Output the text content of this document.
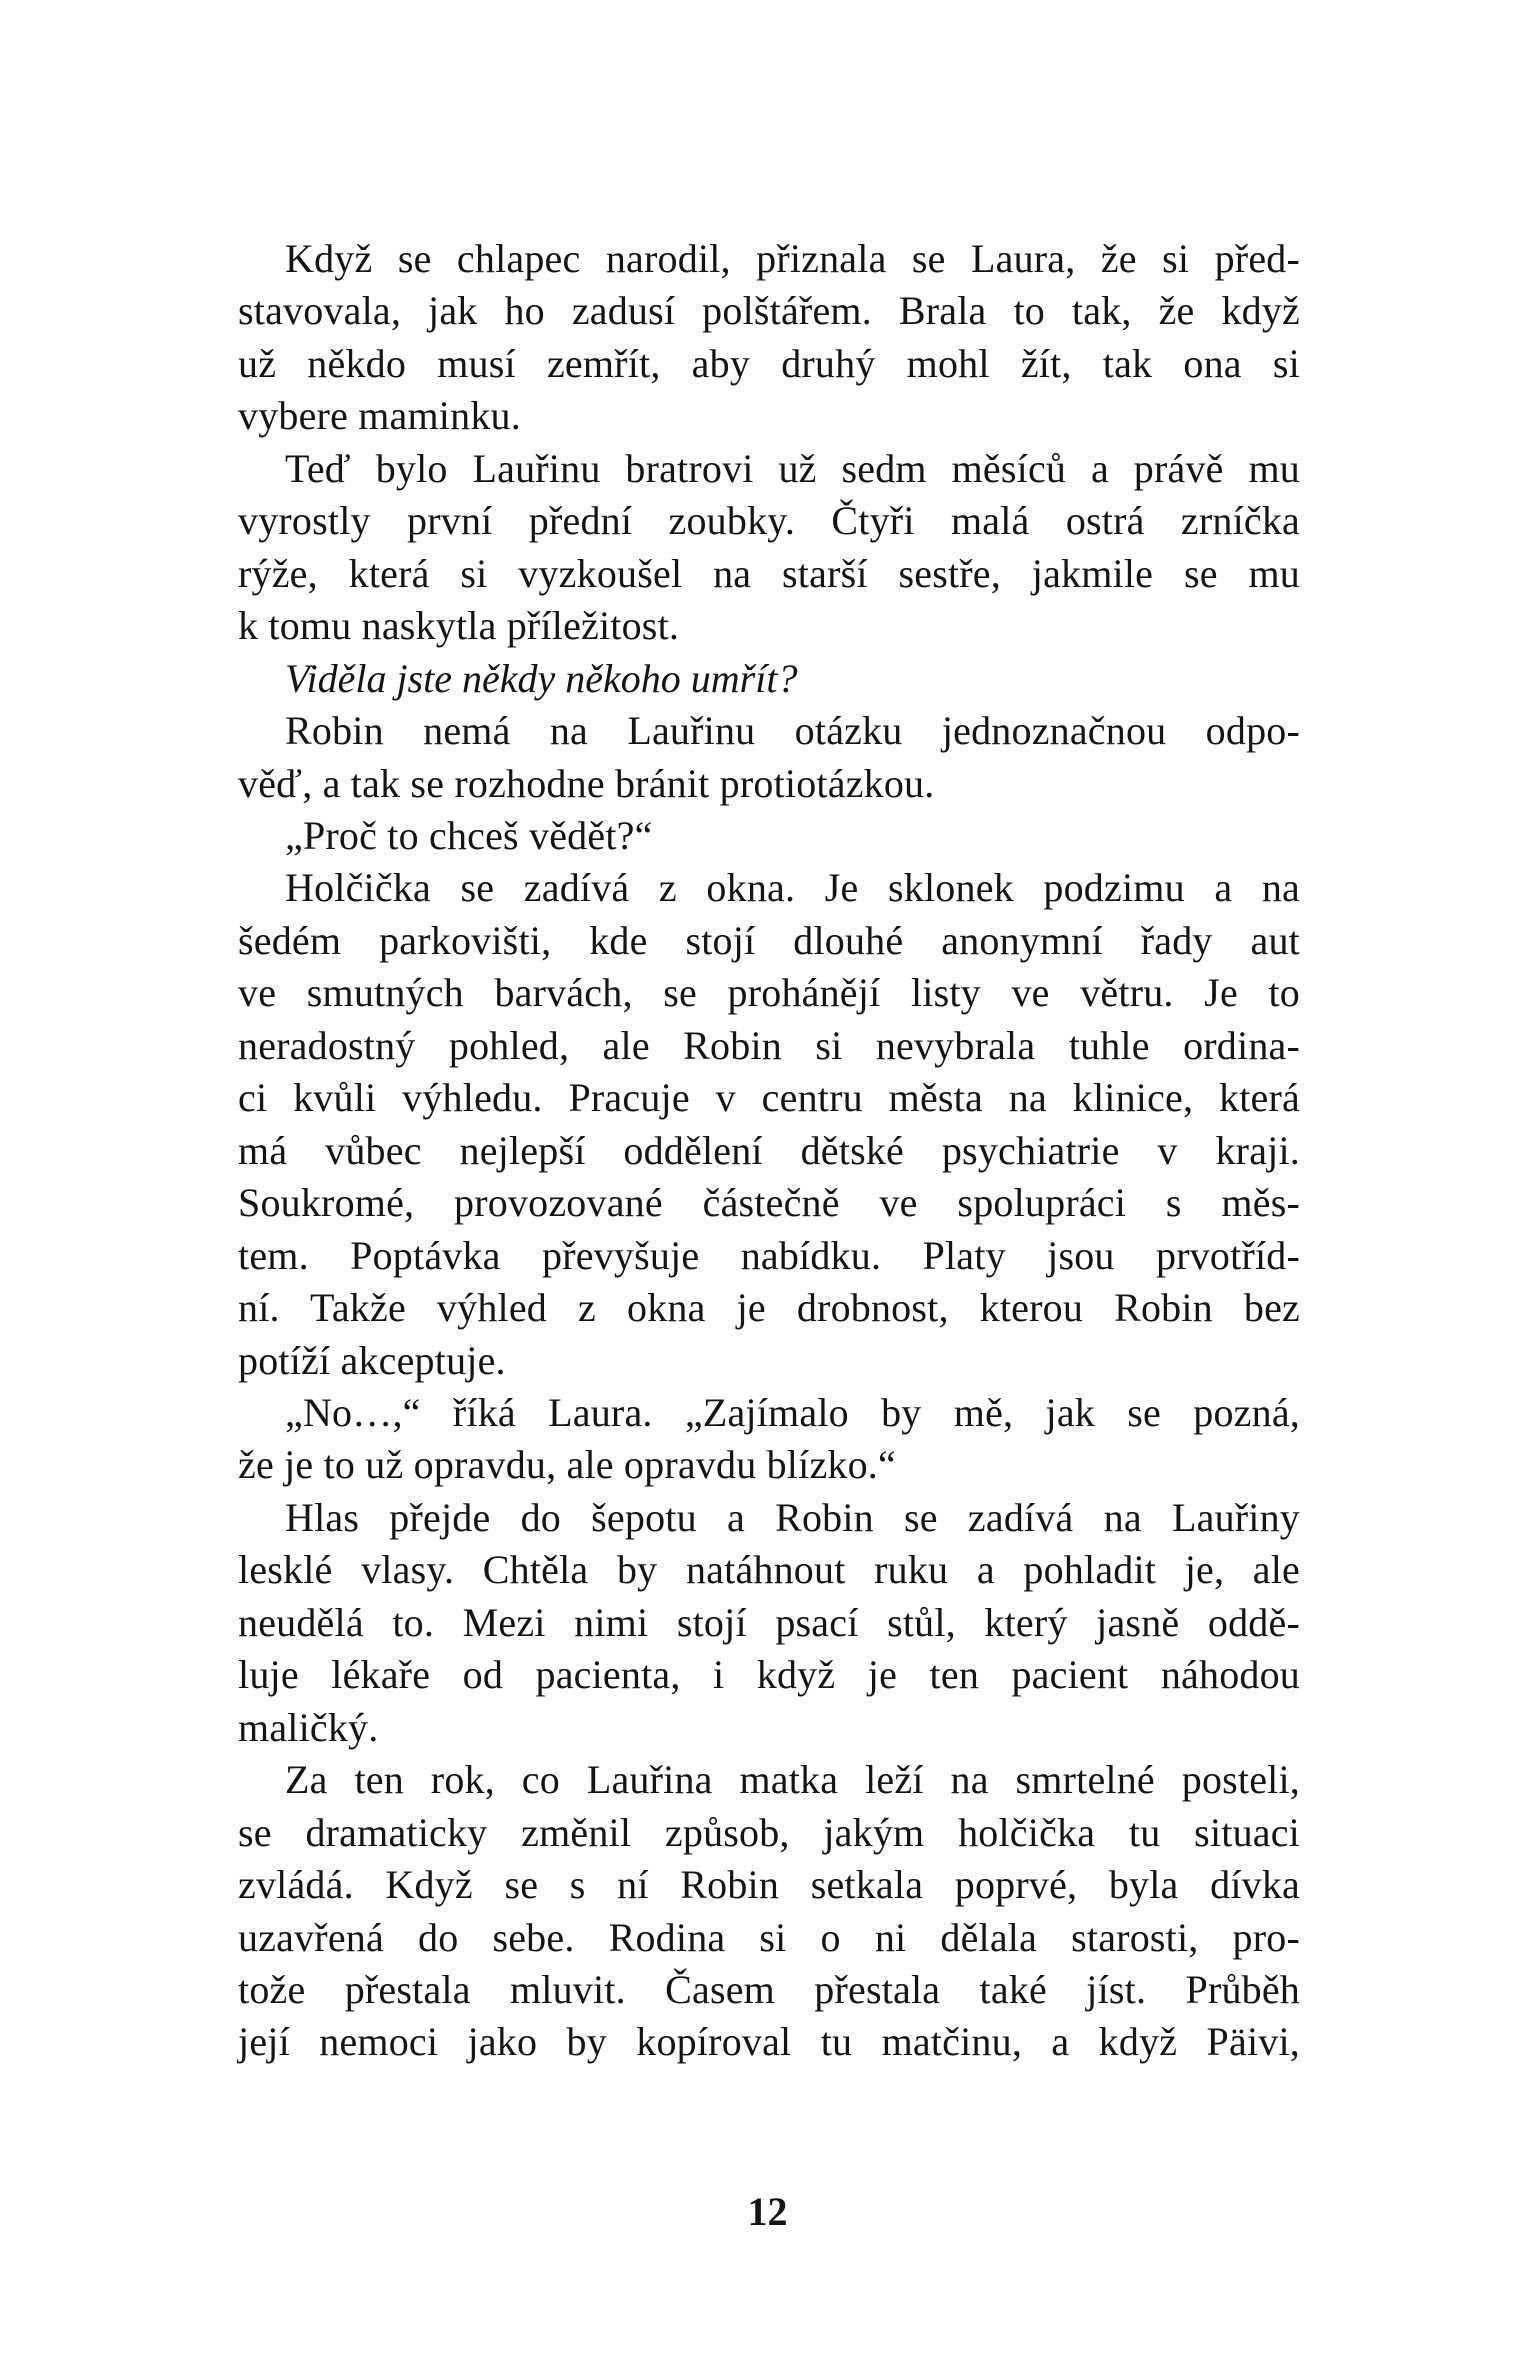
Když se chlapec narodil, přiznala se Laura, že si před-
stavovala, jak ho zadusí polštářem. Brala to tak, že když
už někdo musí zemřít, aby druhý mohl žít, tak ona si
vybere maminku.
Teď bylo Lauřinu bratrovi už sedm měsíců a právě mu
vyrostly první přední zoubky. Čtyři malá ostrá zrníčka
rýže, která si vyzkoušel na starší sestře, jakmile se mu
k tomu naskytla příležitost.
Viděla jste někdy někoho umřít?
Robin nemá na Lauřinu otázku jednoznačnou odpo-
věď, a tak se rozhodne bránit protiotázkou.
„Proč to chceš vědět?“
Holčička se zadívá z okna. Je sklonek podzimu a na
šedém parkovišti, kde stojí dlouhé anonymní řady aut
ve smutných barvách, se prohánějí listy ve větru. Je to
neradostný pohled, ale Robin si nevybrala tuhle ordina-
ci kvůli výhledu. Pracuje v centru města na klinice, která
má vůbec nejlepší oddělení dětské psychiatrie v kraji.
Soukromé, provozované částečně ve spolupráci s měs-
tem. Poptávka převyšuje nabídku. Platy jsou prvotříd-
ní. Takže výhled z okna je drobnost, kterou Robin bez
potíží akceptuje.
„No…,“ říká Laura. „Zajímalo by mě, jak se pozná,
že je to už opravdu, ale opravdu blízko.“
Hlas přejde do šepotu a Robin se zadívá na Lauřiny
lesklé vlasy. Chtěla by natáhnout ruku a pohladit je, ale
neudělá to. Mezi nimi stojí psací stůl, který jasně oddě-
luje lékaře od pacienta, i když je ten pacient náhodou
maličký.
Za ten rok, co Lauřina matka leží na smrtelné posteli,
se dramaticky změnil způsob, jakým holčička tu situaci
zvládá. Když se s ní Robin setkala poprvé, byla dívka
uzavřená do sebe. Rodina si o ni dělala starosti, pro-
tože přestala mluvit. Časem přestala také jíst. Průběh
její nemoci jako by kopíroval tu matčinu, a když Päivi,
12
